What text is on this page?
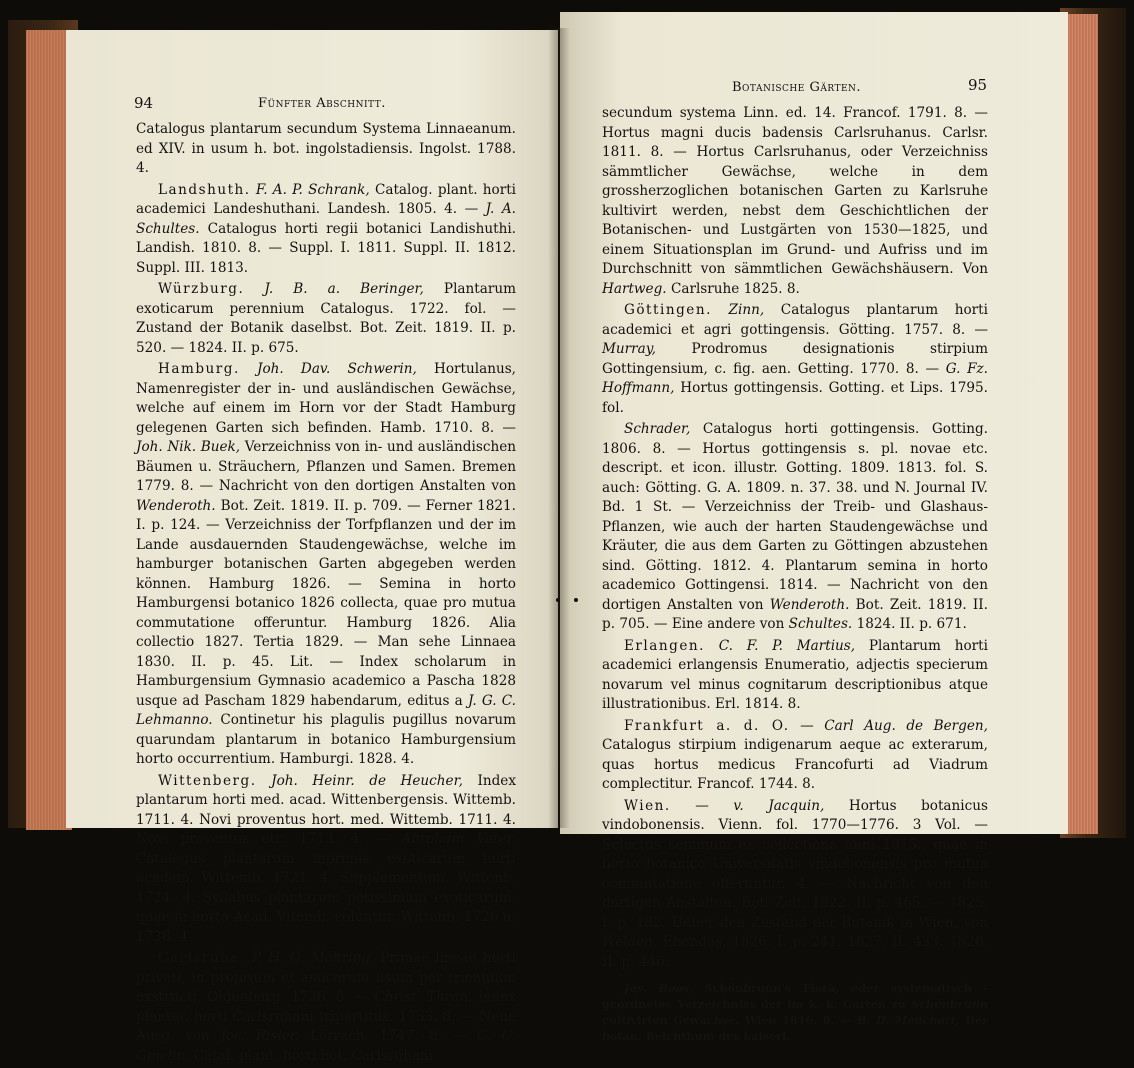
94	Fünfter Abschnitt.

Catalogus plantarum secundum Systema Linnaeanum. ed XIV. in usum h. bot. ingolstadiensis. Ingolst. 1788. 4.

Landshuth. F. A. P. Schrank, Catalog. plant. horti academici Landeshuthani. Landesh. 1805. 4. — J. A. Schultes. Catalogus horti regii botanici Landishuthi. Landish. 1810. 8. — Suppl. I. 1811. Suppl. II. 1812. Suppl. III. 1813.

Würzburg. J. B. a. Beringer, Plantarum exoticarum perennium Catalogus. 1722. fol. — Zustand der Botanik daselbst. Bot. Zeit. 1819. II. p. 520. — 1824. II. p. 675.

Hamburg. Joh. Dav. Schwerin, Hortulanus, Namenregister der in- und ausländischen Gewächse, welche auf einem im Horn vor der Stadt Hamburg gelegenen Garten sich befinden. Hamb. 1710. 8. — Joh. Nik. Buek, Verzeichniss von in- und ausländischen Bäumen u. Sträuchern, Pflanzen und Samen. Bremen 1779. 8. — Nachricht von den dortigen Anstalten von Wenderoth. Bot. Zeit. 1819. II. p. 709. — Ferner 1821. I. p. 124. — Verzeichniss der Torfpflanzen und der im Lande ausdauernden Staudengewächse, welche im hamburger botanischen Garten abgegeben werden können. Hamburg 1826. — Semina in horto Hamburgensi botanico 1826 collecta, quae pro mutua commutatione offeruntur. Hamburg 1826. Alia collectio 1827. Tertia 1829. — Man sehe Linnaea 1830. II. p. 45. Lit. — Index scholarum in Hamburgensium Gymnasio academico a Pascha 1828 usque ad Pascham 1829 habendarum, editus a J. G. C. Lehmanno. Continetur his plagulis pugillus novarum quarundam plantarum in botanico Hamburgensium horto occurrentium. Hamburgi. 1828. 4.

Wittenberg. Joh. Heinr. de Heucher, Index plantarum horti med. acad. Wittenbergensis. Wittemb. 1711. 4. Novi proventus hort. med. Wittemb. 1711. 4. Novi proventus etc. 1713. 4. — Abraham Vater, Catalogus plantarum inprimis exoticarum horti academ. Wittemb. 1721. 4. Supplementum. Wittenb. 1724. 4. Syllabus plantarum potissimum exoticarum, quae in horto Acad. Vitemb. coluntur. Wittenb. 1726 u. 1738. 4.

Carlsruhe. P. H. G. Möhring, Primae lineae horti privati, in proprium et amicorum usum per triennium exstructi. Oldenburg. 1736. 8. — Christ. Thran, index plantar. horti Carlsruhani tripartitus. 1733. 8. — Neue Ausg. von Jos. Risler. Lörrach. 1747. 8. — C. C. Gmelin, Catal. plant. horti bot. Carlsruhani

Botanische Gärten.	95

secundum systema Linn. ed. 14. Francof. 1791. 8. — Hortus magni ducis badensis Carlsruhanus. Carlsr. 1811. 8. — Hortus Carlsruhanus, oder Verzeichniss sämmtlicher Gewächse, welche in dem grossherzoglichen botanischen Garten zu Karlsruhe kultivirt werden, nebst dem Geschichtlichen der Botanischen- und Lustgärten von 1530—1825, und einem Situationsplan im Grund- und Aufriss und im Durchschnitt von sämmtlichen Gewächshäusern. Von Hartweg. Carlsruhe 1825. 8.

Göttingen. Zinn, Catalogus plantarum horti academici et agri gottingensis. Götting. 1757. 8. — Murray, Prodromus designationis stirpium Gottingensium, c. fig. aen. Getting. 1770. 8. — G. Fz. Hoffmann, Hortus gottingensis. Gotting. et Lips. 1795. fol.

Schrader, Catalogus horti gottingensis. Gotting. 1806. 8. — Hortus gottingensis s. pl. novae etc. descript. et icon. illustr. Gotting. 1809. 1813. fol. S. auch: Götting. G. A. 1809. n. 37. 38. und N. Journal IV. Bd. 1 St. — Verzeichniss der Treib- und Glashaus-Pflanzen, wie auch der harten Staudengewächse und Kräuter, die aus dem Garten zu Göttingen abzustehen sind. Götting. 1812. 4. Plantarum semina in horto academico Gottingensi. 1814. — Nachricht von den dortigen Anstalten von Wenderoth. Bot. Zeit. 1819. II. p. 705. — Eine andere von Schultes. 1824. II. p. 671.

Erlangen. C. F. P. Martius, Plantarum horti academici erlangensis Enumeratio, adjectis specierum novarum vel minus cognitarum descriptionibus atque illustrationibus. Erl. 1814. 8.

Frankfurt a. d. O. — Carl Aug. de Bergen, Catalogus stirpium indigenarum aeque ac exterarum, quas hortus medicus Francofurti ad Viadrum complectitur. Francof. 1744. 8.

Wien. — v. Jacquin, Hortus botanicus vindobonensis. Vienn. fol. 1770—1776. 3 Vol. — Selectus seminum ex collectione anni 1815., quae in horto botanico Universitatis vindobonensis pro mutua commutatione offeruntur. 4. — Nachricht von den dortigen Anstalten. Bot. Zeit. 1822. II. p. 465. — 1825. I. p. 182. Ueber den Zustand der Botanik in Wien, von Welden. Ebendas. 1826. I. p. 241. 1827. II. 433. 1828. II. p. 446.

Jos. Boos, Schönbrunn's Flora, oder systematisch - geordnetes Verzeichniss der im k. k. Garten zu Schönbrunn cultivirten Gewächse. Wien 1816. 8. — B. D. Mauchart, Der botan. Reichthum des kaiserl.
